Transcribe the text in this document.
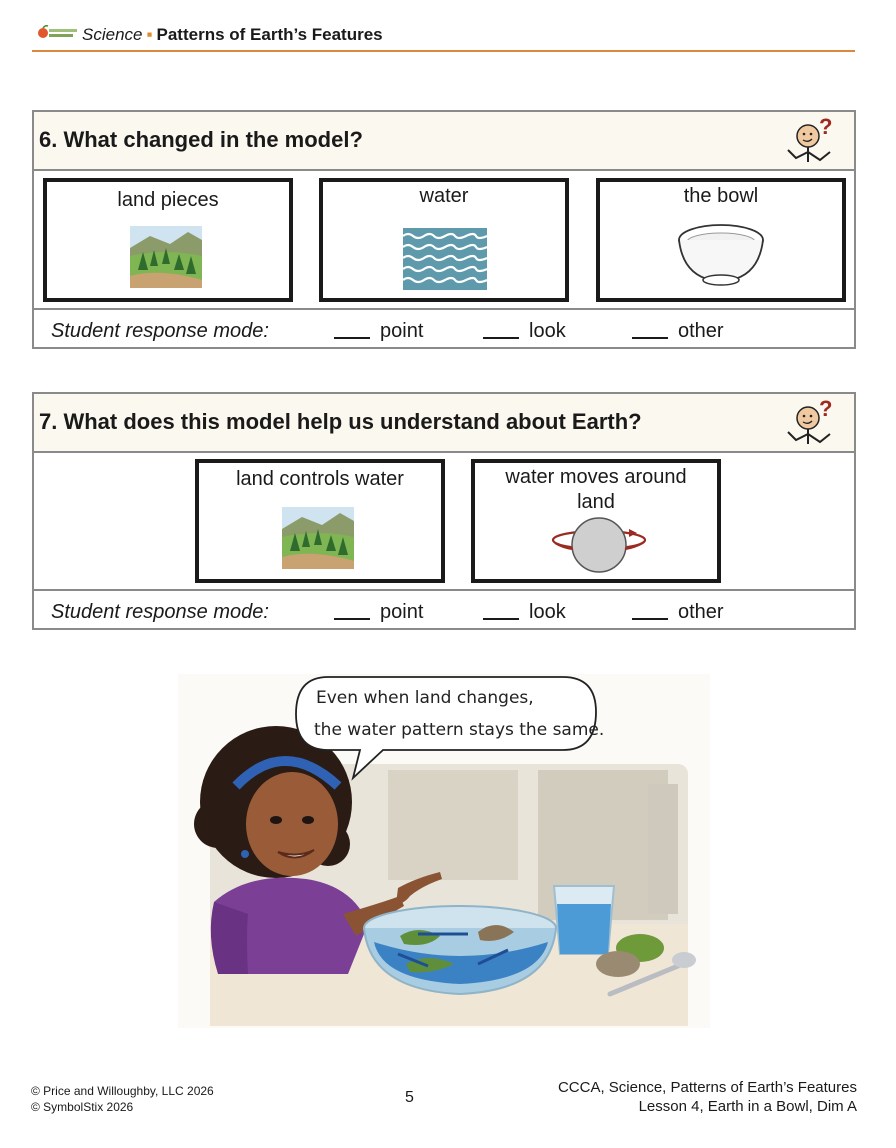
Science ▪ Patterns of Earth’s Features
6. What changed in the model?
?
land pieces	water	the bowl
Student response mode:	point	look	other
7. What does this model help us understand about Earth?
?
land controls water	water moves around land
Student response mode:	point	look	other
Even when land changes,
the water pattern stays the same.
© Price and Willoughby, LLC 2026
© SymbolStix 2026
5
CCCA, Science, Patterns of Earth’s Features
Lesson 4, Earth in a Bowl, Dim A
